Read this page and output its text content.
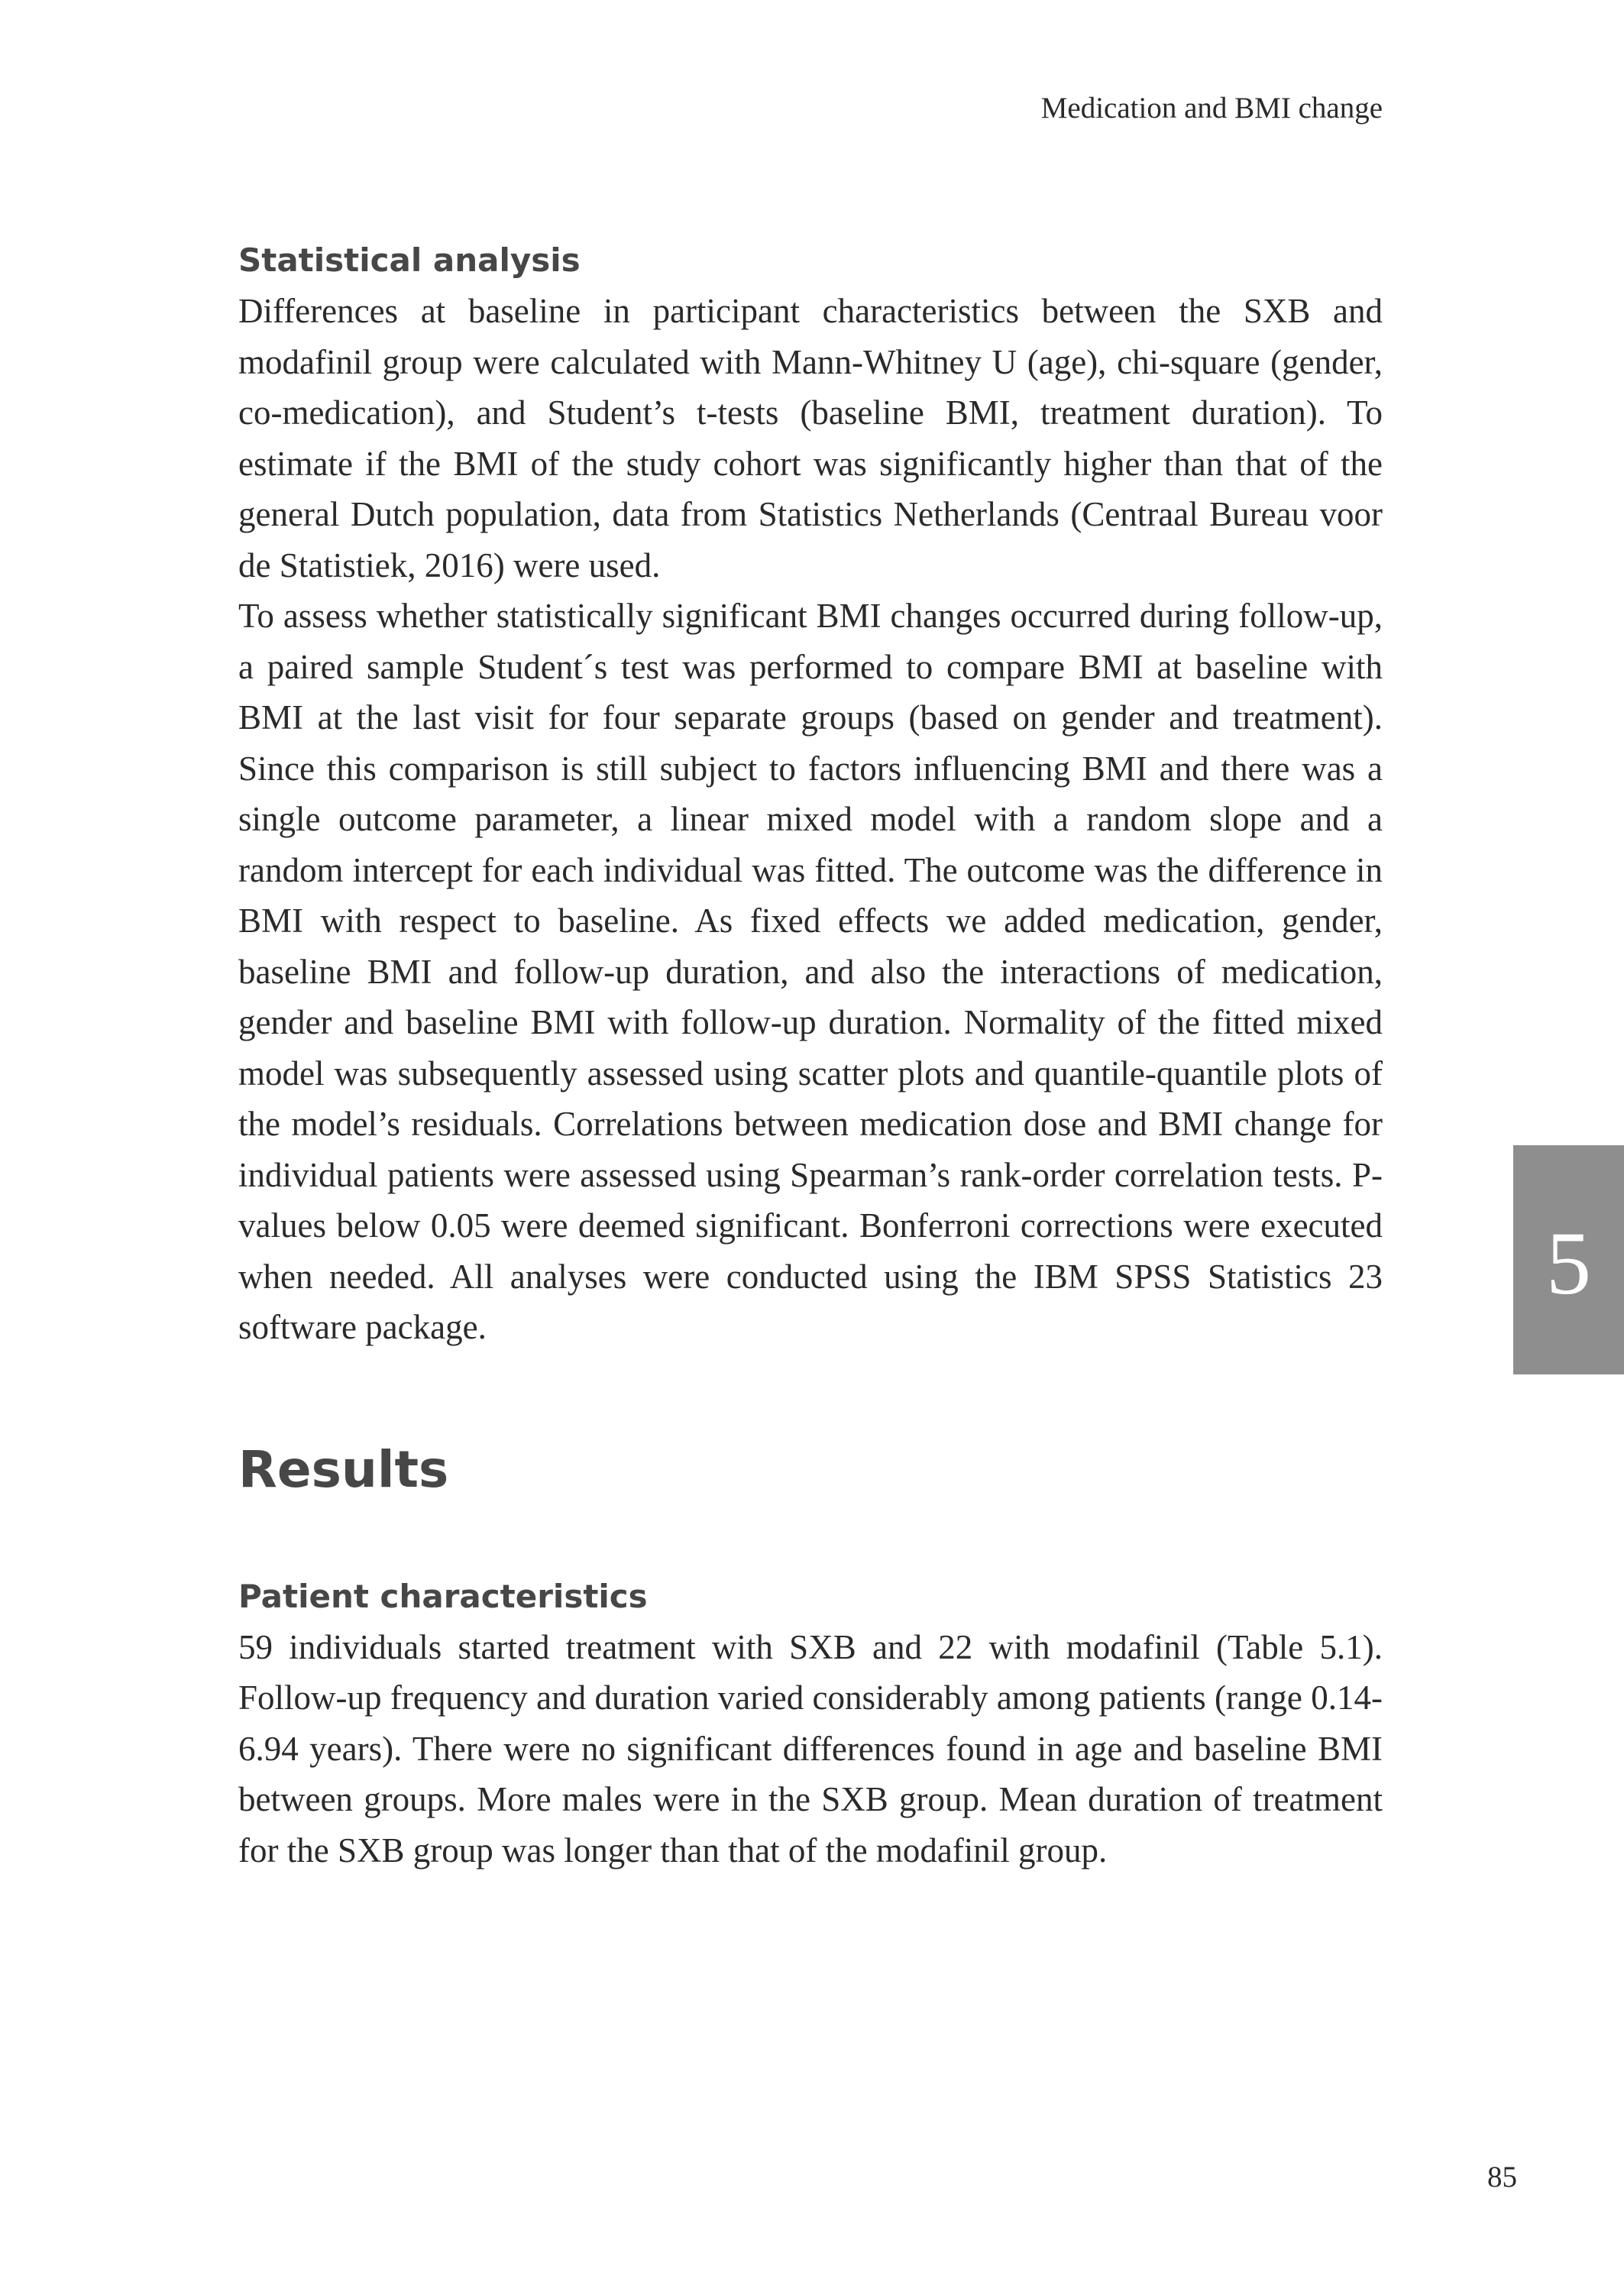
Medication and BMI change
Statistical analysis

Differences at baseline in participant characteristics between the SXB and modafinil group were calculated with Mann-Whitney U (age), chi-square (gender, co-medication), and Student’s t-tests (baseline BMI, treatment duration). To estimate if the BMI of the study cohort was significantly higher than that of the general Dutch population, data from Statistics Netherlands (Centraal Bureau voor de Statistiek, 2016) were used.

To assess whether statistically significant BMI changes occurred during follow-up, a paired sample Student´s test was performed to compare BMI at baseline with BMI at the last visit for four separate groups (based on gender and treatment). Since this comparison is still subject to factors influencing BMI and there was a single outcome parameter, a linear mixed model with a random slope and a random intercept for each individual was fitted. The outcome was the difference in BMI with respect to baseline. As fixed effects we added medication, gender, baseline BMI and follow-up duration, and also the interactions of medication, gender and baseline BMI with follow-up duration. Normality of the fitted mixed model was subsequently assessed using scatter plots and quantile-quantile plots of the model’s residuals. Correlations between medication dose and BMI change for individual patients were assessed using Spearman’s rank-order correlation tests. P-values below 0.05 were deemed significant. Bonferroni corrections were executed when needed. All analyses were conducted using the IBM SPSS Statistics 23 software package.

Results
Patient characteristics

59 individuals started treatment with SXB and 22 with modafinil (Table 5.1). Follow-up frequency and duration varied considerably among patients (range 0.14-6.94 years). There were no significant differences found in age and baseline BMI between groups. More males were in the SXB group. Mean duration of treatment for the SXB group was longer than that of the modafinil group.

5
85
